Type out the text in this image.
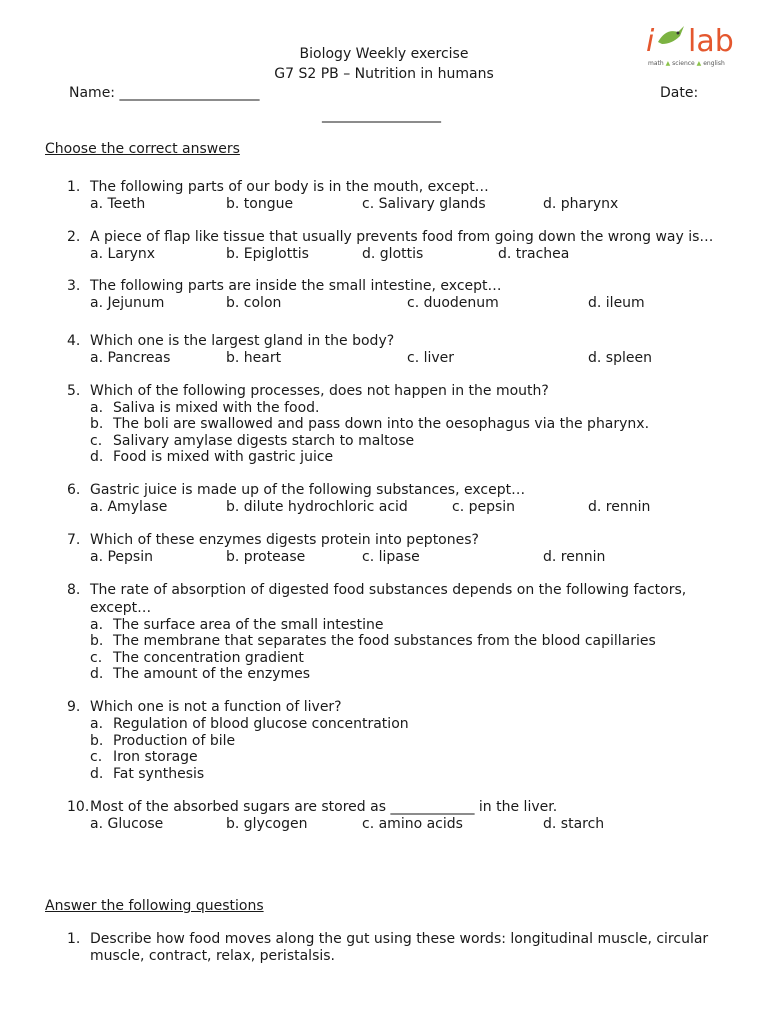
i lab
math ▲ science ▲ english
Biology Weekly exercise
G7 S2 PB – Nutrition in humans
Name: ____________________	Date:
_________________
Choose the correct answers
1. The following parts of our body is in the mouth, except…
a. Teeth	b. tongue	c. Salivary glands	d. pharynx
2. A piece of flap like tissue that usually prevents food from going down the wrong way is…
a. Larynx	b. Epiglottis	d. glottis	d. trachea
3. The following parts are inside the small intestine, except…
a. Jejunum	b. colon	c. duodenum	d. ileum
4. Which one is the largest gland in the body?
a. Pancreas	b. heart	c. liver	d. spleen
5. Which of the following processes, does not happen in the mouth?
a. Saliva is mixed with the food.
b. The boli are swallowed and pass down into the oesophagus via the pharynx.
c. Salivary amylase digests starch to maltose
d. Food is mixed with gastric juice
6. Gastric juice is made up of the following substances, except…
a. Amylase	b. dilute hydrochloric acid	c. pepsin	d. rennin
7. Which of these enzymes digests protein into peptones?
a. Pepsin	b. protease	c. lipase	d. rennin
8. The rate of absorption of digested food substances depends on the following factors,
except…
a. The surface area of the small intestine
b. The membrane that separates the food substances from the blood capillaries
c. The concentration gradient
d. The amount of the enzymes
9. Which one is not a function of liver?
a. Regulation of blood glucose concentration
b. Production of bile
c. Iron storage
d. Fat synthesis
10. Most of the absorbed sugars are stored as ____________ in the liver.
a. Glucose	b. glycogen	c. amino acids	d. starch
Answer the following questions
1. Describe how food moves along the gut using these words: longitudinal muscle, circular
muscle, contract, relax, peristalsis.
